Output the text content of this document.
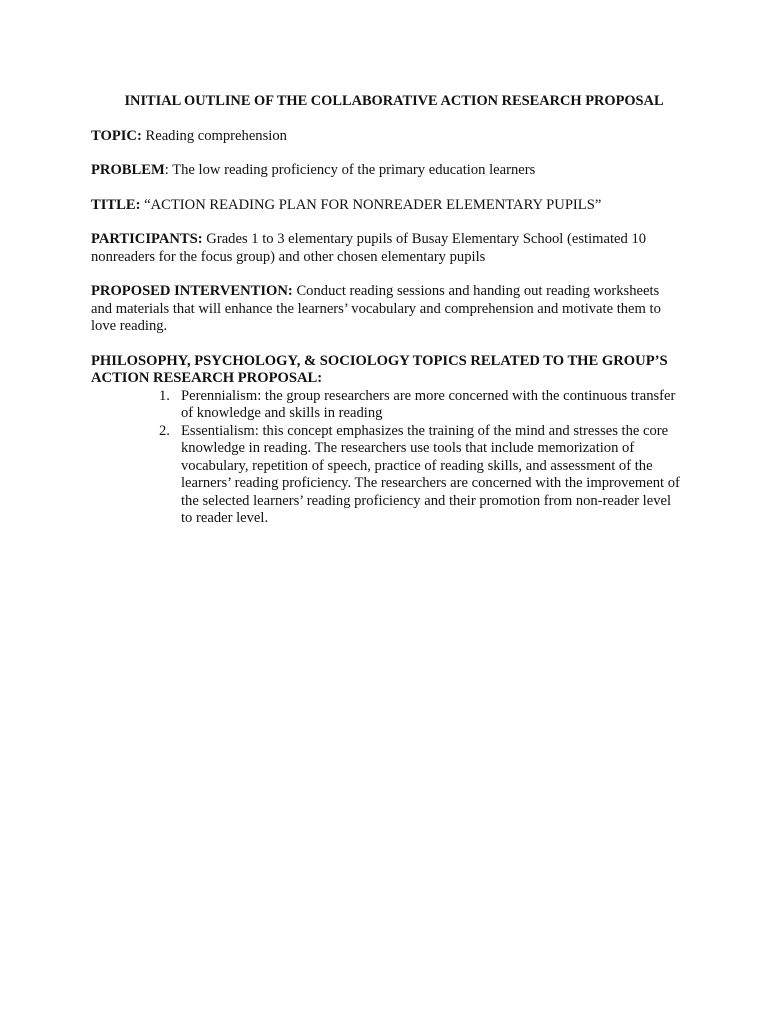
INITIAL OUTLINE OF THE COLLABORATIVE ACTION RESEARCH PROPOSAL
TOPIC: Reading comprehension
PROBLEM: The low reading proficiency of the primary education learners
TITLE: “ACTION READING PLAN FOR NONREADER ELEMENTARY PUPILS”
PARTICIPANTS: Grades 1 to 3 elementary pupils of Busay Elementary School (estimated 10 nonreaders for the focus group) and other chosen elementary pupils
PROPOSED INTERVENTION: Conduct reading sessions and handing out reading worksheets and materials that will enhance the learners’ vocabulary and comprehension and motivate them to love reading.
PHILOSOPHY, PSYCHOLOGY, & SOCIOLOGY TOPICS RELATED TO THE GROUP’S ACTION RESEARCH PROPOSAL:
1. Perennialism: the group researchers are more concerned with the continuous transfer of knowledge and skills in reading
2. Essentialism: this concept emphasizes the training of the mind and stresses the core knowledge in reading. The researchers use tools that include memorization of vocabulary, repetition of speech, practice of reading skills, and assessment of the learners’ reading proficiency. The researchers are concerned with the improvement of the selected learners’ reading proficiency and their promotion from non-reader level to reader level.
